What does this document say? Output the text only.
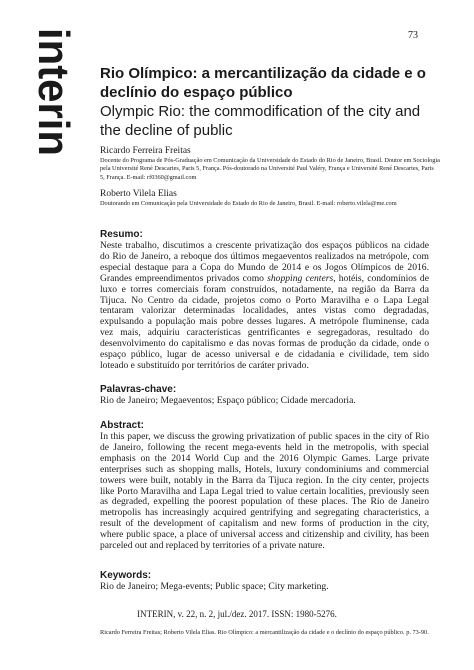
interin	73
Rio Olímpico: a mercantilização da cidade e o declínio do espaço público
Olympic Rio: the commodification of the city and the decline of public
Ricardo Ferreira Freitas
Docente do Programa de Pós-Graduação em Comunicação da Universidade do Estado do Rio de Janeiro, Brasil. Doutor em Sociologia pela Université René Descartes, Paris 5, França. Pós-doutorado na Université Paul Valéry, França e Université René Descartes, Paris 5, França. E-mail: rf0360@gmail.com
Roberto Vilela Elias
Doutorando em Comunicação pela Universidade do Estado do Rio de Janeiro, Brasil. E-mail: roberto.vilela@me.com
Resumo:

Neste trabalho, discutimos a crescente privatização dos espaços públicos na cidade do Rio de Janeiro, a reboque dos últimos megaeventos realizados na metrópole, com especial destaque para a Copa do Mundo de 2014 e os Jogos Olímpicos de 2016. Grandes empreendimentos privados como shopping centers, hotéis, condomínios de luxo e torres comerciais foram construídos, notadamente, na região da Barra da Tijuca. No Centro da cidade, projetos como o Porto Maravilha e o Lapa Legal tentaram valorizar determinadas localidades, antes vistas como degradadas, expulsando a população mais pobre desses lugares. A metrópole fluminense, cada vez mais, adquiriu características gentrificantes e segregadoras, resultado do desenvolvimento do capitalismo e das novas formas de produção da cidade, onde o espaço público, lugar de acesso universal e de cidadania e civilidade, tem sido loteado e substituído por territórios de caráter privado.

Palavras-chave:

Rio de Janeiro; Megaeventos; Espaço público; Cidade mercadoria.

Abstract:

In this paper, we discuss the growing privatization of public spaces in the city of Rio de Janeiro, following the recent mega-events held in the metropolis, with special emphasis on the 2014 World Cup and the 2016 Olympic Games. Large private enterprises such as shopping malls, Hotels, luxury condominiums and commercial towers were built, notably in the Barra da Tijuca region. In the city center, projects like Porto Maravilha and Lapa Legal tried to value certain localities, previously seen as degraded, expelling the poorest population of these places. The Rio de Janeiro metropolis has increasingly acquired gentrifying and segregating characteristics, a result of the development of capitalism and new forms of production in the city, where public space, a place of universal access and citizenship and civility, has been parceled out and replaced by territories of a private nature.

Keywords:

Rio de Janeiro; Mega-events; Public space; City marketing.

INTERIN, v. 22, n. 2, jul./dez. 2017. ISSN: 1980-5276.
Ricardo Ferreira Freitas; Roberto Vilela Elias. Rio Olímpico: a mercantilização da cidade e o declínio do espaço público. p. 73-90.
